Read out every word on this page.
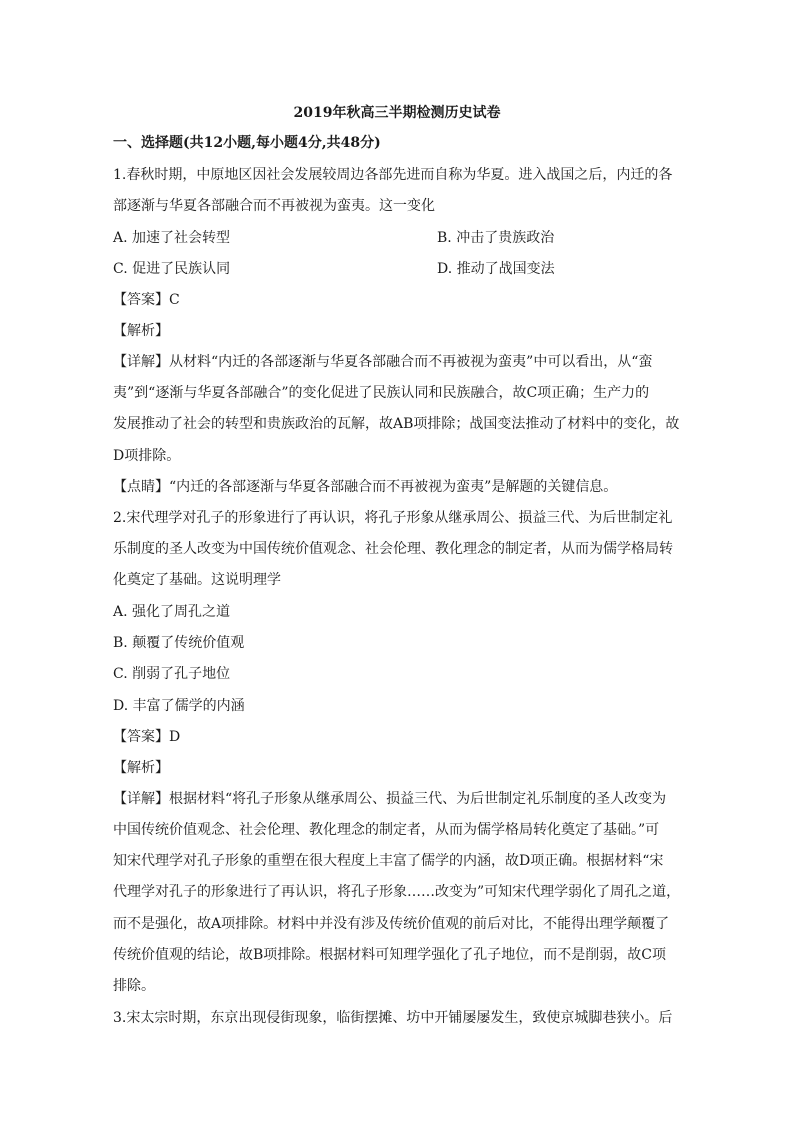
2019年秋高三半期检测历史试卷
一、选择题(共12小题,每小题4分,共48分)
1.春秋时期，中原地区因社会发展较周边各部先进而自称为华夏。进入战国之后，内迁的各
部逐渐与华夏各部融合而不再被视为蛮夷。这一变化
A. 加速了社会转型	B. 冲击了贵族政治
C. 促进了民族认同	D. 推动了战国变法
【答案】C
【解析】
【详解】从材料“内迁的各部逐渐与华夏各部融合而不再被视为蛮夷”中可以看出，从“蛮
夷”到“逐渐与华夏各部融合”的变化促进了民族认同和民族融合，故C项正确；生产力的
发展推动了社会的转型和贵族政治的瓦解，故AB项排除；战国变法推动了材料中的变化，故
D项排除。
【点睛】“内迁的各部逐渐与华夏各部融合而不再被视为蛮夷”是解题的关键信息。
2.宋代理学对孔子的形象进行了再认识，将孔子形象从继承周公、损益三代、为后世制定礼
乐制度的圣人改变为中国传统价值观念、社会伦理、教化理念的制定者，从而为儒学格局转
化奠定了基础。这说明理学
A. 强化了周孔之道
B. 颠覆了传统价值观
C. 削弱了孔子地位
D. 丰富了儒学的内涵
【答案】D
【解析】
【详解】根据材料“将孔子形象从继承周公、损益三代、为后世制定礼乐制度的圣人改变为
中国传统价值观念、社会伦理、教化理念的制定者，从而为儒学格局转化奠定了基础。”可
知宋代理学对孔子形象的重塑在很大程度上丰富了儒学的内涵，故D项正确。根据材料“宋
代理学对孔子的形象进行了再认识，将孔子形象……改变为”可知宋代理学弱化了周孔之道，
而不是强化，故A项排除。材料中并没有涉及传统价值观的前后对比，不能得出理学颠覆了
传统价值观的结论，故B项排除。根据材料可知理学强化了孔子地位，而不是削弱，故C项
排除。
3.宋太宗时期，东京出现侵街现象，临街摆摊、坊中开铺屡屡发生，致使京城脚巷狭小。后
